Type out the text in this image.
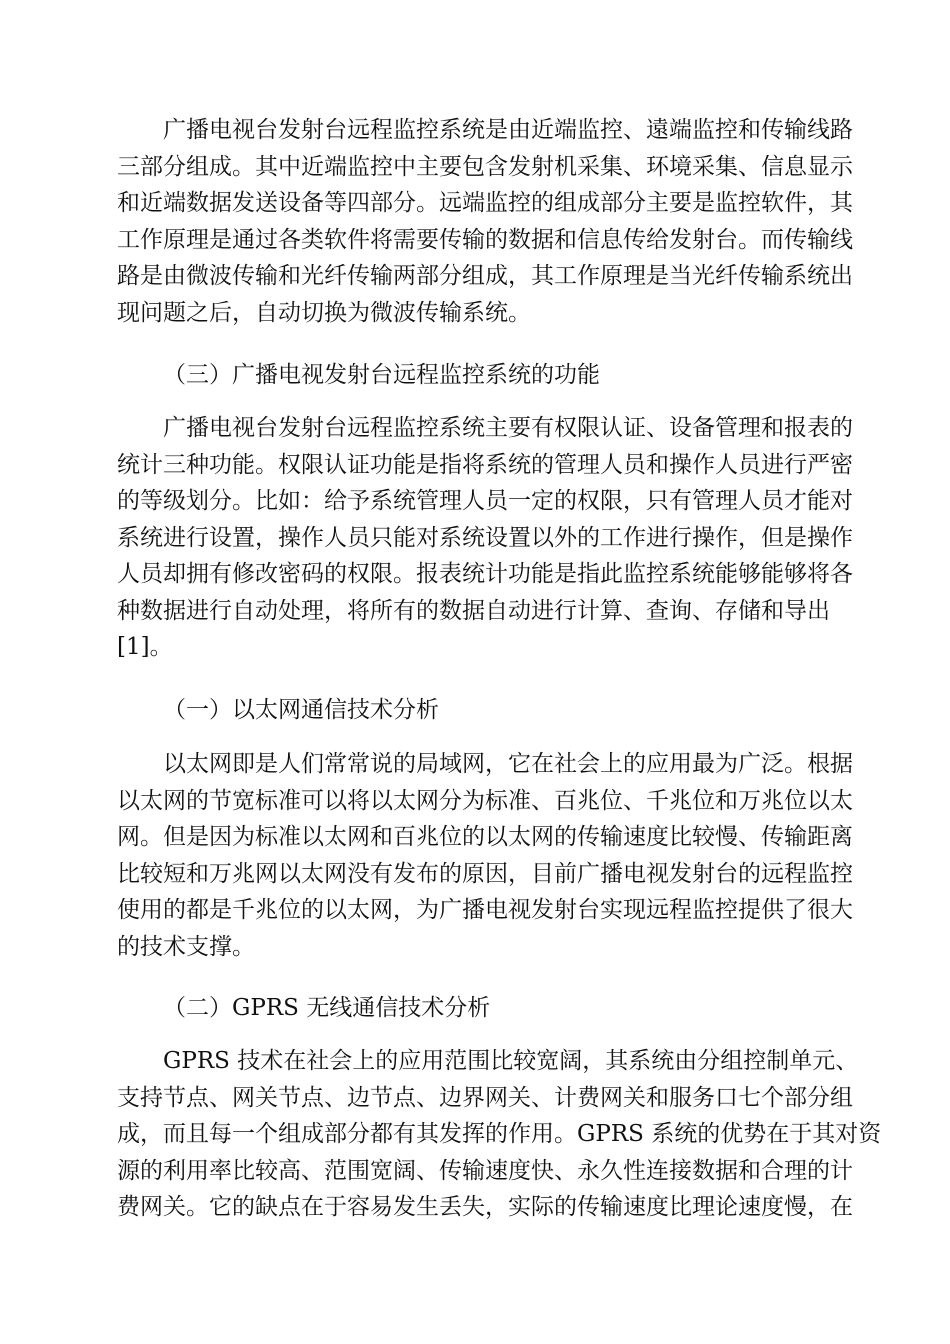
广播电视台发射台远程监控系统是由近端监控、遠端监控和传输线路
三部分组成。其中近端监控中主要包含发射机采集、环境采集、信息显示
和近端数据发送设备等四部分。远端监控的组成部分主要是监控软件，其
工作原理是通过各类软件将需要传输的数据和信息传给发射台。而传输线
路是由微波传输和光纤传输两部分组成，其工作原理是当光纤传输系统出
现问题之后，自动切换为微波传输系统。
（三）广播电视发射台远程监控系统的功能
广播电视台发射台远程监控系统主要有权限认证、设备管理和报表的
统计三种功能。权限认证功能是指将系统的管理人员和操作人员进行严密
的等级划分。比如：给予系统管理人员一定的权限，只有管理人员才能对
系统进行设置，操作人员只能对系统设置以外的工作进行操作，但是操作
人员却拥有修改密码的权限。报表统计功能是指此监控系统能够能够将各
种数据进行自动处理，将所有的数据自动进行计算、查询、存储和导出
[1]。
（一）以太网通信技术分析
以太网即是人们常常说的局域网，它在社会上的应用最为广泛。根据
以太网的节宽标准可以将以太网分为标准、百兆位、千兆位和万兆位以太
网。但是因为标准以太网和百兆位的以太网的传输速度比较慢、传输距离
比较短和万兆网以太网没有发布的原因，目前广播电视发射台的远程监控
使用的都是千兆位的以太网，为广播电视发射台实现远程监控提供了很大
的技术支撑。
（二）GPRS 无线通信技术分析
GPRS 技术在社会上的应用范围比较宽阔，其系统由分组控制单元、
支持节点、网关节点、边节点、边界网关、计费网关和服务口七个部分组
成，而且每一个组成部分都有其发挥的作用。GPRS 系统的优势在于其对资
源的利用率比较高、范围宽阔、传输速度快、永久性连接数据和合理的计
费网关。它的缺点在于容易发生丢失，实际的传输速度比理论速度慢，在
